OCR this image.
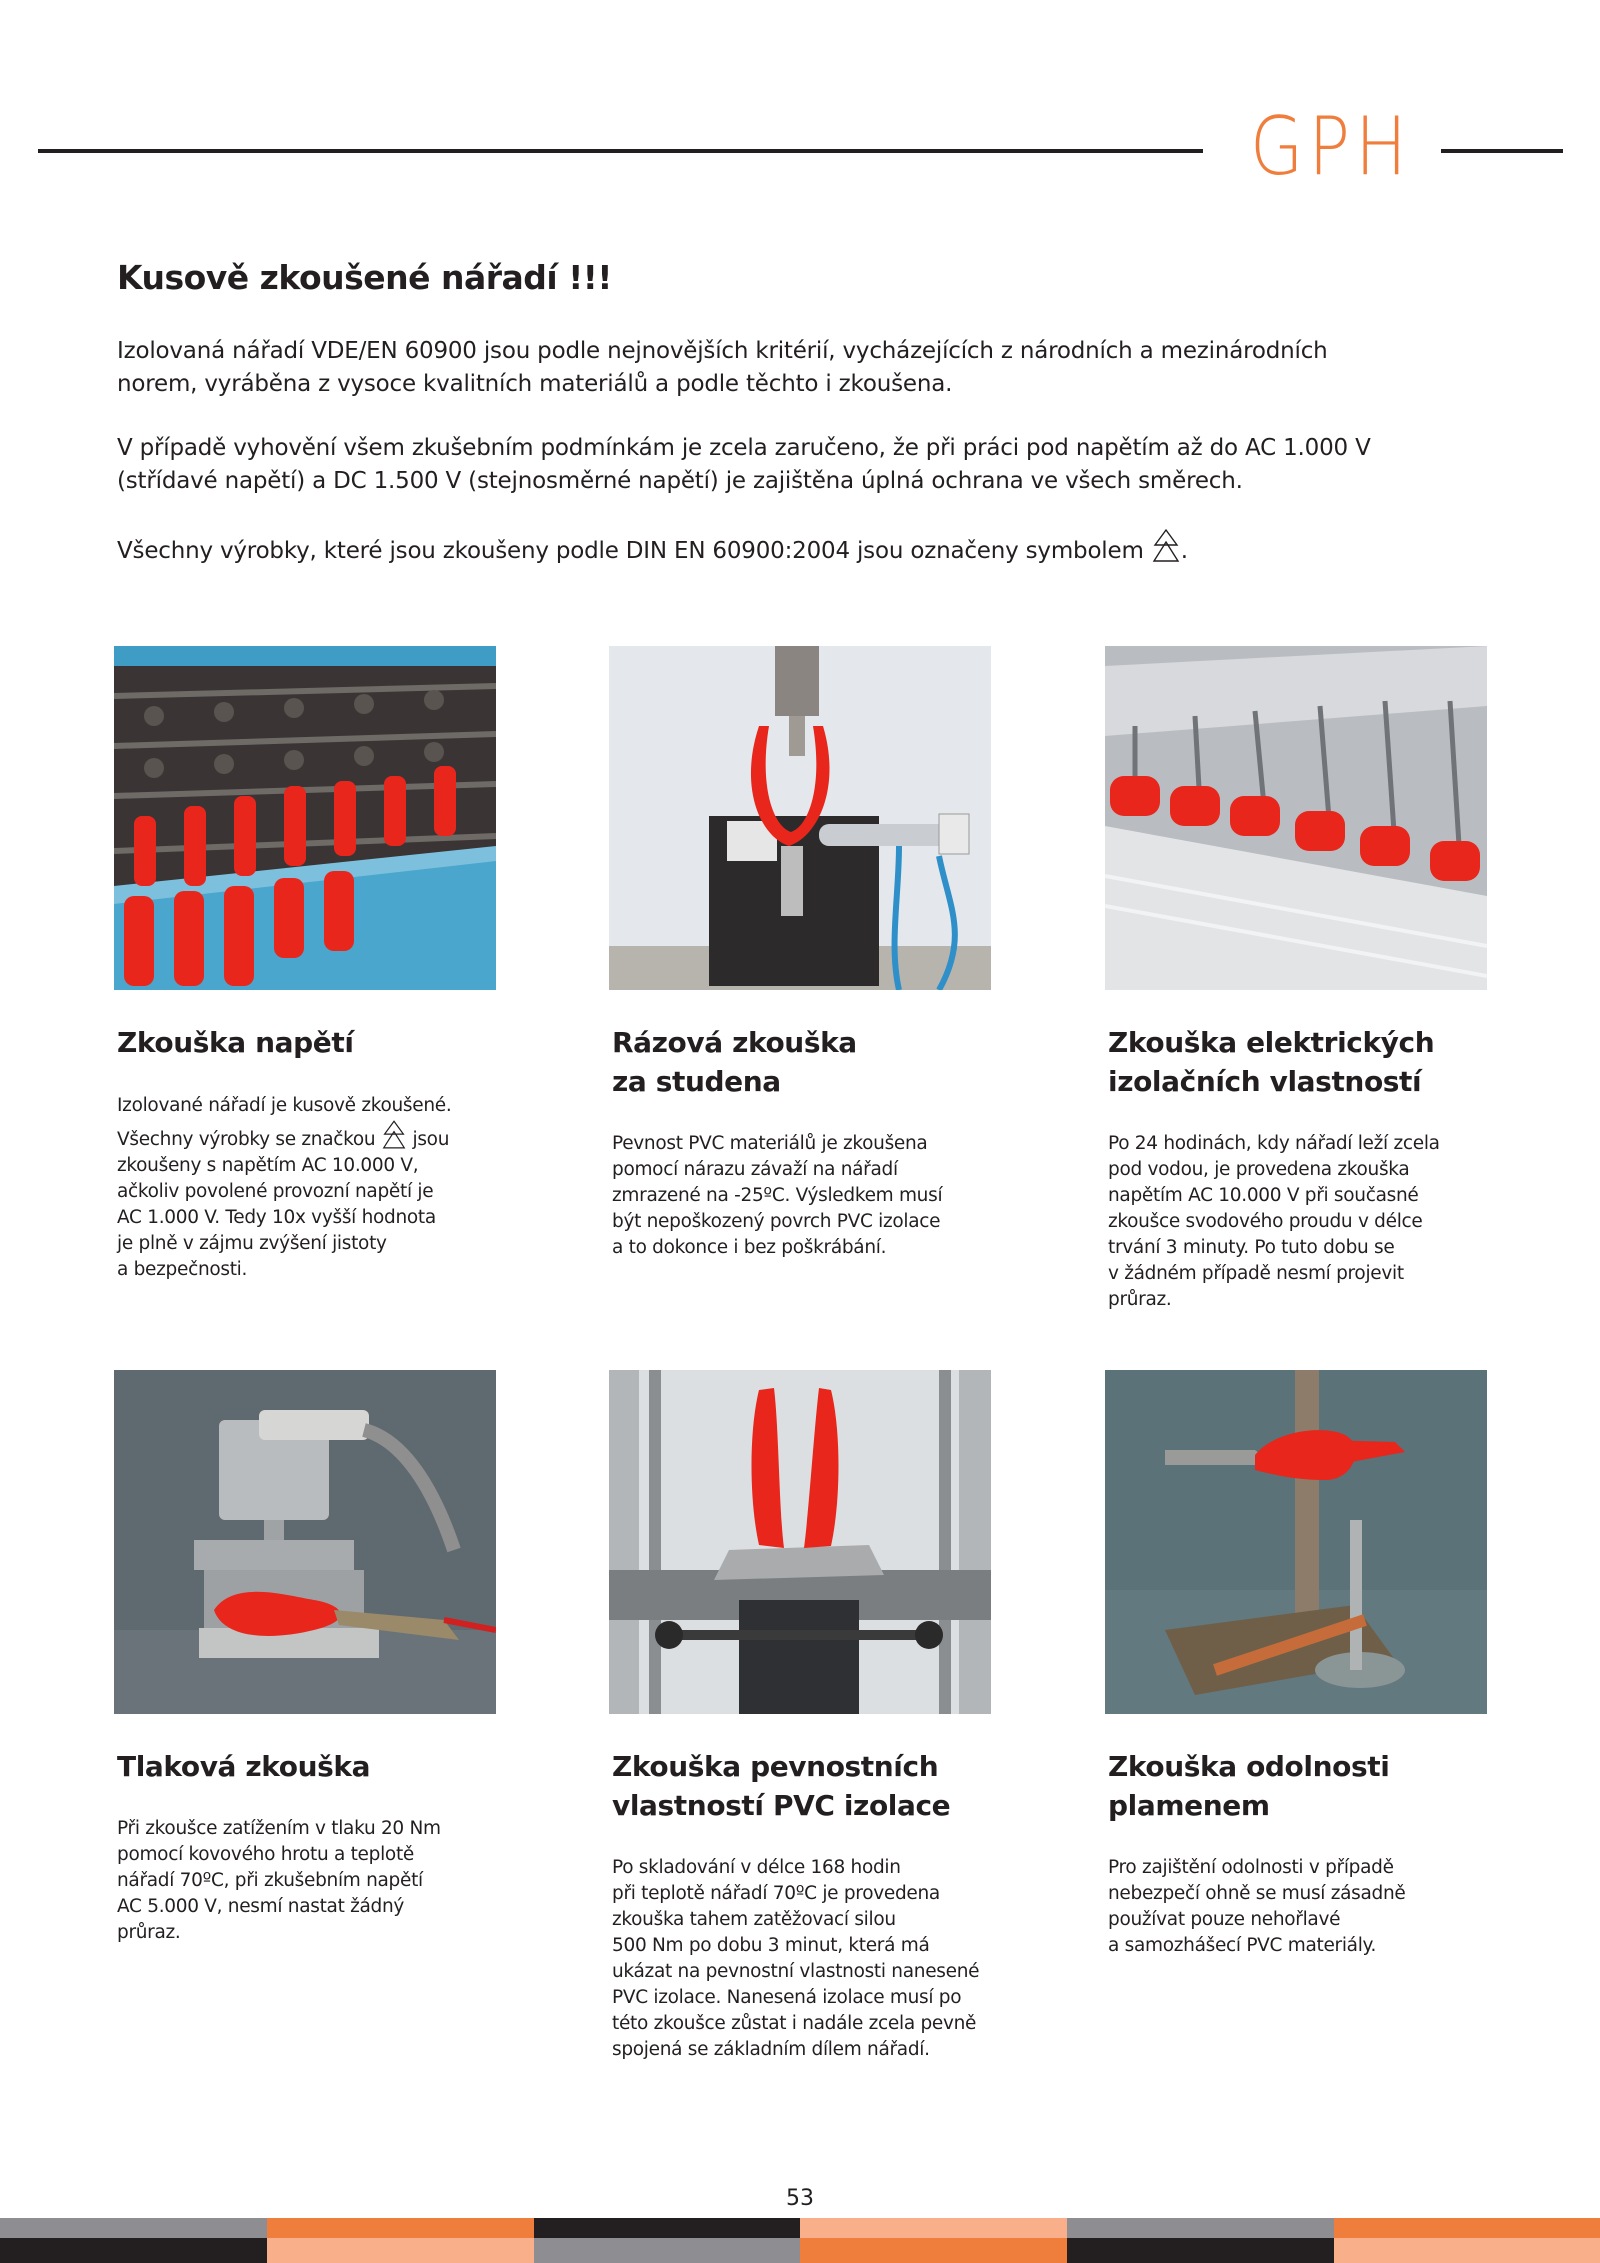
GPH
Kusově zkoušené nářadí !!!

Izolovaná nářadí VDE/EN 60900 jsou podle nejnovějších kritérií, vycházejících z národních a mezinárodních
norem, vyráběna z vysoce kvalitních materiálů a podle těchto i zkoušena.

V případě vyhovění všem zkušebním podmínkám je zcela zaručeno, že při práci pod napětím až do AC 1.000 V
(střídavé napětí) a DC 1.500 V (stejnosměrné napětí) je zajištěna úplná ochrana ve všech směrech.

Všechny výrobky, které jsou zkoušeny podle DIN EN 60900:2004 jsou označeny symbolem .

Zkouška napětí

Izolované nářadí je kusově zkoušené.
Všechny výrobky se značkou jsou
zkoušeny s napětím AC 10.000 V,
ačkoliv povolené provozní napětí je
AC 1.000 V. Tedy 10x vyšší hodnota
je plně v zájmu zvýšení jistoty
a bezpečnosti.

Rázová zkouška
za studena

Pevnost PVC materiálů je zkoušena
pomocí nárazu závaží na nářadí
zmrazené na -25ºC. Výsledkem musí
být nepoškozený povrch PVC izolace
a to dokonce i bez poškrábání.

Zkouška elektrických
izolačních vlastností

Po 24 hodinách, kdy nářadí leží zcela
pod vodou, je provedena zkouška
napětím AC 10.000 V při současné
zkoušce svodového proudu v délce
trvání 3 minuty. Po tuto dobu se
v žádném případě nesmí projevit
průraz.

Tlaková zkouška

Při zkoušce zatížením v tlaku 20 Nm
pomocí kovového hrotu a teplotě
nářadí 70ºC, při zkušebním napětí
AC 5.000 V, nesmí nastat žádný
průraz.

Zkouška pevnostních
vlastností PVC izolace

Po skladování v délce 168 hodin
při teplotě nářadí 70ºC je provedena
zkouška tahem zatěžovací silou
500 Nm po dobu 3 minut, která má
ukázat na pevnostní vlastnosti nanesené
PVC izolace. Nanesená izolace musí po
této zkoušce zůstat i nadále zcela pevně
spojená se základním dílem nářadí.

Zkouška odolnosti
plamenem

Pro zajištění odolnosti v případě
nebezpečí ohně se musí zásadně
používat pouze nehořlavé
a samozhášecí PVC materiály.

53
